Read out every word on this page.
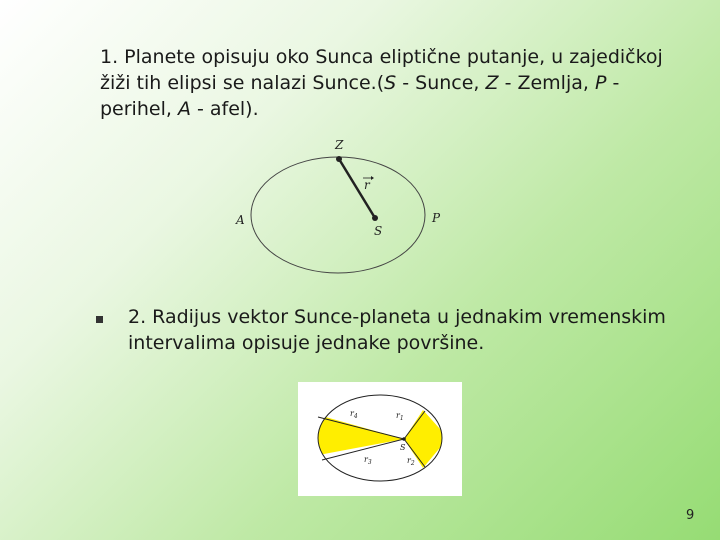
1. Planete opisuju oko Sunca eliptične putanje, u zajedičkoj žiži tih elipsi se nalazi Sunce.(S - Sunce, Z - Zemlja, P - perihel, A - afel).

Z
r
A	P
S

2. Radijus vektor Sunce-planeta u jednakim vremenskim intervalima opisuje jednake površine.

$r_4$	$r_1$
$r_3$	$r_2$
S
9
